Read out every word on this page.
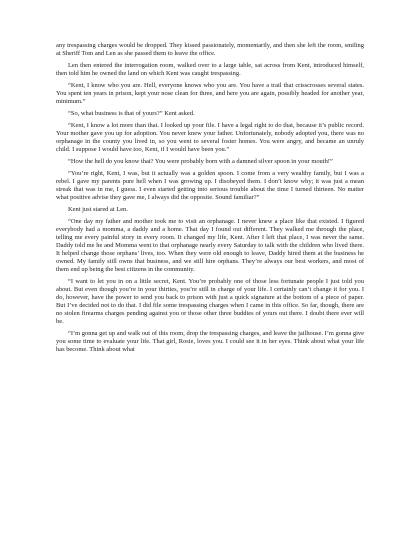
any trespassing charges would be dropped. They kissed passionately, momentarily, and then she left the room, smiling at Sheriff Tom and Len as she passed them to leave the office.

Len then entered the interrogation room, walked over to a large table, sat across from Kent, introduced himself, then told him he owned the land on which Kent was caught trespassing.

“Kent, I know who you are. Hell, everyone knows who you are. You have a trail that crisscrosses several states. You spent ten years in prison, kept your nose clean for three, and here you are again, possibly headed for another year, minimum.”

“So, what business is that of yours?” Kent asked.

“Kent, I know a lot more than that. I looked up your file. I have a legal right to do that, because it’s public record. Your mother gave you up for adoption. You never knew your father. Unfortunately, nobody adopted you, there was no orphanage in the county you lived in, so you went to several foster homes. You were angry, and became an unruly child. I suppose I would have too, Kent, if I would have been you.”

“How the hell do you know that? You were probably born with a damned silver spoon in your mouth!”

“You’re right, Kent, I was, but it actually was a golden spoon. I come from a very wealthy family, but I was a rebel. I gave my parents pure hell when I was growing up. I disobeyed them. I don’t know why; it was just a mean streak that was in me, I guess. I even started getting into serious trouble about the time I turned thirteen. No matter what positive advise they gave me, I always did the opposite. Sound familiar?”

Kent just stared at Len.

“One day my father and mother took me to visit an orphanage. I never knew a place like that existed. I figured everybody had a momma, a daddy and a home. That day I found out different. They walked me through the place, telling me every painful story in every room. It changed my life, Kent. After I left that place, I was never the same. Daddy told me he and Momma went to that orphanage nearly every Saturday to talk with the children who lived there. It helped change those orphans’ lives, too. When they were old enough to leave, Daddy hired them at the business he owned. My family still owns that business, and we still hire orphans. They’re always our best workers, and most of them end up being the best citizens in the community.

“I want to let you in on a little secret, Kent. You’re probably one of those less fortunate people I just told you about. But even though you’re in your thirties, you’re still in charge of your life. I certainly can’t change it for you. I do, however, have the power to send you back to prison with just a quick signature at the bottom of a piece of paper. But I’ve decided not to do that. I did file some trespassing charges when I came in this office. So far, though, there are no stolen firearms charges pending against you or those other three buddies of yours out there. I doubt there ever will be.

“I’m gonna get up and walk out of this room, drop the trespassing charges, and leave the jailhouse. I’m gonna give you some time to evaluate your life. That girl, Rosie, loves you. I could see it in her eyes. Think about what your life has become. Think about what
